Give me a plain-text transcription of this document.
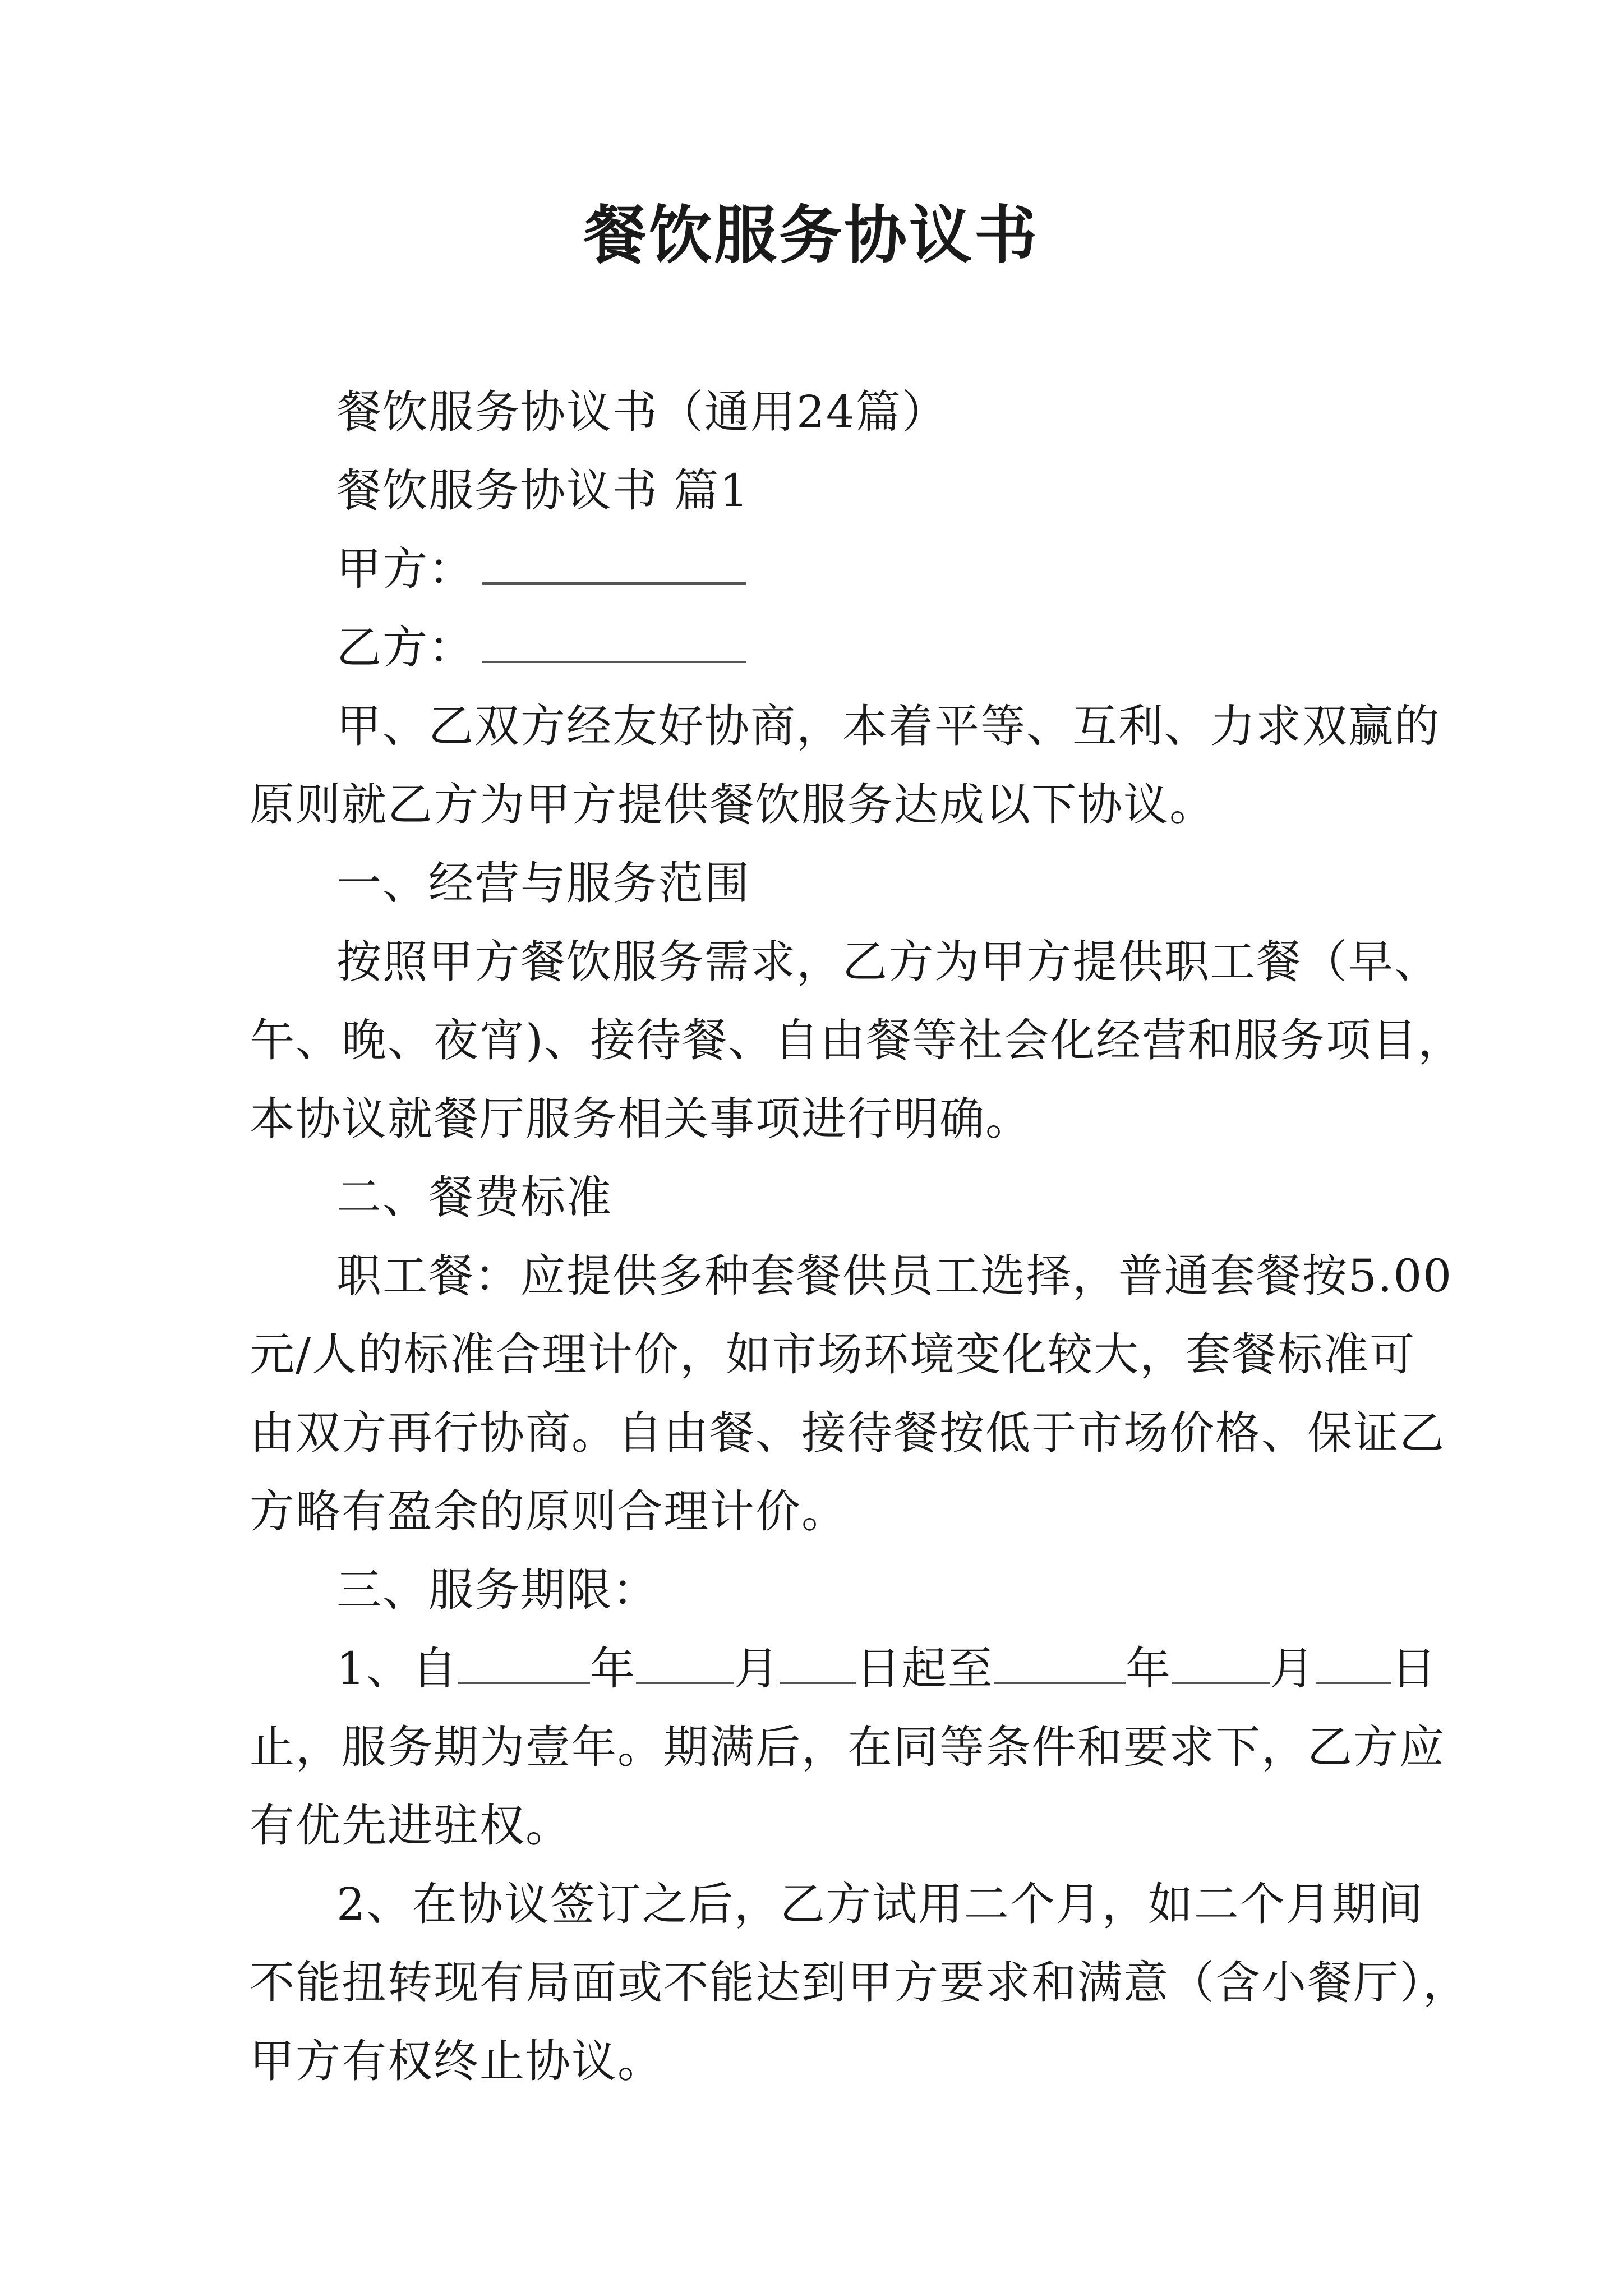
餐饮服务协议书
餐饮服务协议书（通用24篇）
餐饮服务协议书 篇1
甲方：
乙方：
甲、乙双方经友好协商，本着平等、互利、力求双赢的
原则就乙方为甲方提供餐饮服务达成以下协议。
一、经营与服务范围
按照甲方餐饮服务需求，乙方为甲方提供职工餐（早、
午、晚、夜宵)、接待餐、自由餐等社会化经营和服务项目，
本协议就餐厅服务相关事项进行明确。
二、餐费标准
职工餐：应提供多种套餐供员工选择，普通套餐按5.00
元/人的标准合理计价，如市场环境变化较大，套餐标准可
由双方再行协商。自由餐、接待餐按低于市场价格、保证乙
方略有盈余的原则合理计价。
三、服务期限：
1、自	年 月 日起至	年 月 日
止，服务期为壹年。期满后，在同等条件和要求下，乙方应
有优先进驻权。
2、在协议签订之后，乙方试用二个月，如二个月期间
不能扭转现有局面或不能达到甲方要求和满意（含小餐厅），
甲方有权终止协议。
